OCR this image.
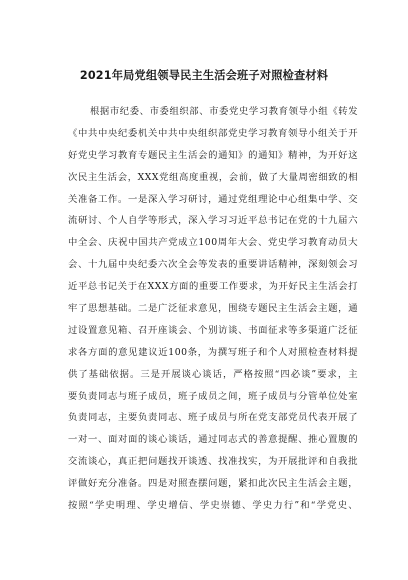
2021年局党组领导民主生活会班子对照检查材料
根据市纪委、市委组织部、市委党史学习教育领导小组《转发
《中共中央纪委机关中共中央组织部党史学习教育领导小组关于开
好党史学习教育专题民主生活会的通知》的通知》精神，为开好这
次民主生活会，XXX党组高度重视，会前，做了大量周密细致的相
关准备工作。一是深入学习研讨，通过党组理论中心组集中学、交
流研讨、个人自学等形式，深入学习习近平总书记在党的十九届六
中全会、庆祝中国共产党成立100周年大会、党史学习教育动员大
会、十九届中央纪委六次全会等发表的重要讲话精神，深刻领会习
近平总书记关于在XXX方面的重要工作要求，为开好民主生活会打
牢了思想基础。二是广泛征求意见，围绕专题民主生活会主题，通
过设置意见箱、召开座谈会、个别访谈、书面征求等多渠道广泛征
求各方面的意见建议近100条，为撰写班子和个人对照检查材料提
供了基础依据。三是开展谈心谈话，严格按照“四必谈”要求，主
要负责同志与班子成员，班子成员之间，班子成员与分管单位处室
负责同志，主要负责同志、班子成员与所在党支部党员代表开展了
一对一、面对面的谈心谈话，通过同志式的善意提醒、推心置腹的
交流谈心，真正把问题找开谈透、找准找实，为开展批评和自我批
评做好充分准备。四是对照查摆问题，紧扣此次民主生活会主题，
按照“学史明理、学史增信、学史崇德、学史力行”和“学党史、
